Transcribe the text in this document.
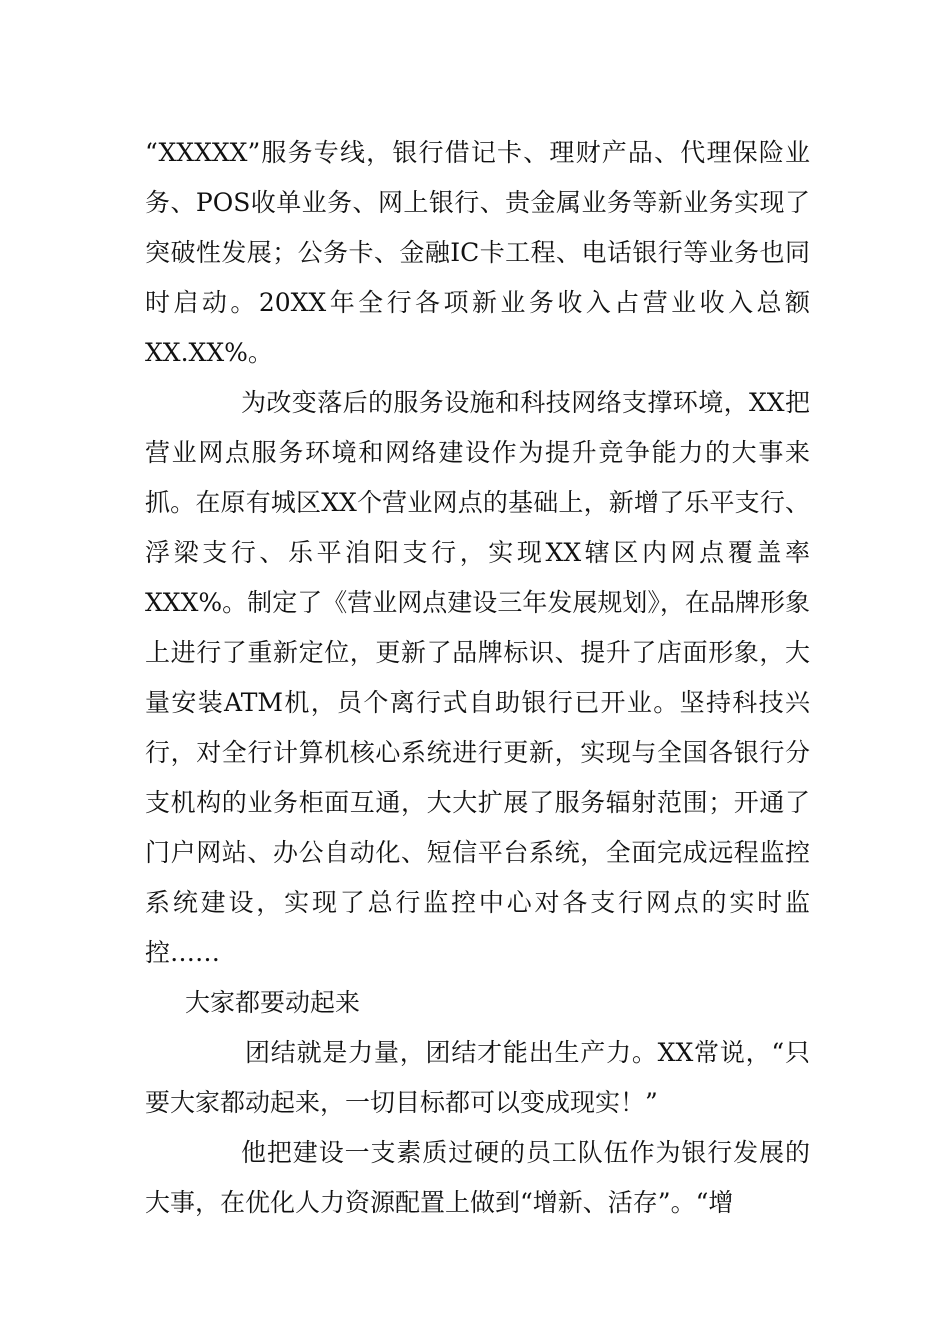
“XXXXX”服务专线，银行借记卡、理财产品、代理保险业务、POS收单业务、网上银行、贵金属业务等新业务实现了突破性发展；公务卡、金融IC卡工程、电话银行等业务也同时启动。20XX年全行各项新业务收入占营业收入总额XX.XX%。

为改变落后的服务设施和科技网络支撑环境，XX把营业网点服务环境和网络建设作为提升竞争能力的大事来抓。在原有城区XX个营业网点的基础上，新增了乐平支行、浮梁支行、乐平洎阳支行，实现XX辖区内网点覆盖率XXX%。制定了《营业网点建设三年发展规划》，在品牌形象上进行了重新定位，更新了品牌标识、提升了店面形象，大量安装ATM机，员个离行式自助银行已开业。坚持科技兴行，对全行计算机核心系统进行更新，实现与全国各银行分支机构的业务柜面互通，大大扩展了服务辐射范围；开通了门户网站、办公自动化、短信平台系统，全面完成远程监控系统建设，实现了总行监控中心对各支行网点的实时监控……

大家都要动起来

团结就是力量，团结才能出生产力。XX常说，“只要大家都动起来，一切目标都可以变成现实！”

他把建设一支素质过硬的员工队伍作为银行发展的大事，在优化人力资源配置上做到“增新、活存”。“增
